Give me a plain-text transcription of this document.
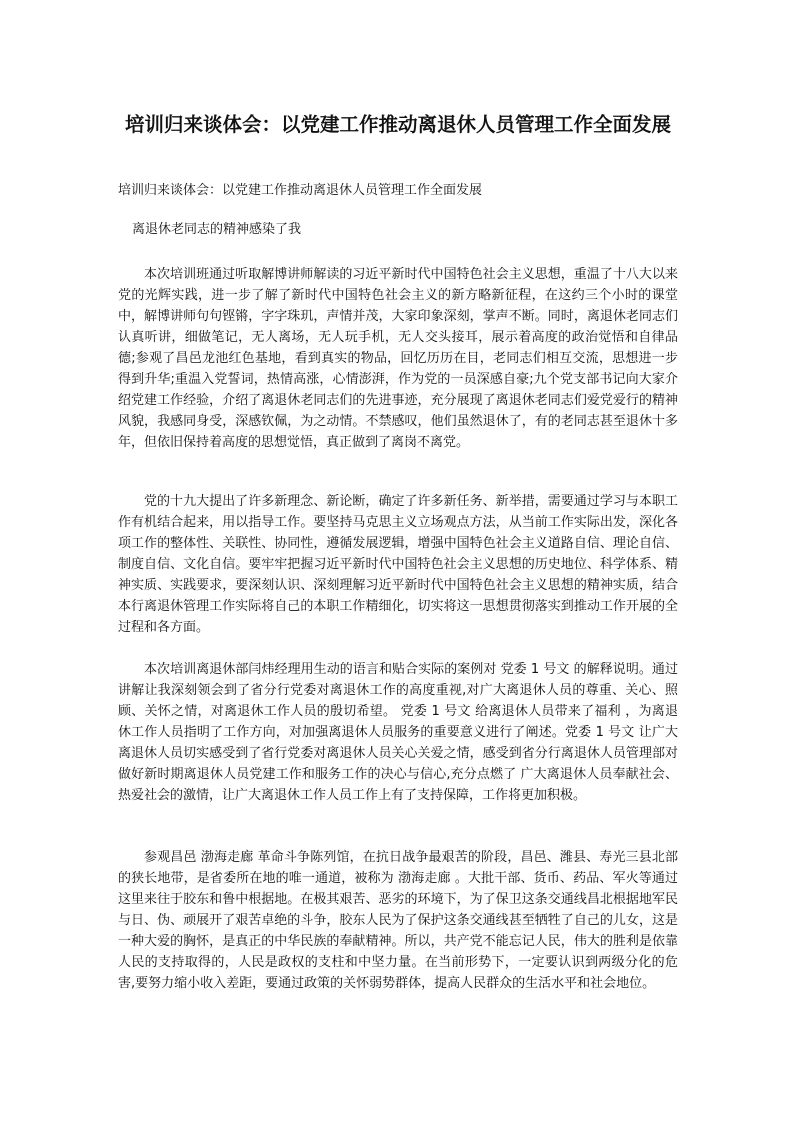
培训归来谈体会：以党建工作推动离退休人员管理工作全面发展

培训归来谈体会：以党建工作推动离退休人员管理工作全面发展

离退休老同志的精神感染了我

本次培训班通过听取解博讲师解读的习近平新时代中国特色社会主义思想，重温了十八大以来党的光辉实践，进一步了解了新时代中国特色社会主义的新方略新征程，在这约三个小时的课堂中，解博讲师句句铿锵，字字珠玑，声情并茂，大家印象深刻，掌声不断。同时，离退休老同志们认真听讲，细做笔记，无人离场，无人玩手机，无人交头接耳，展示着高度的政治觉悟和自律品德;参观了昌邑龙池红色基地，看到真实的物品，回忆历历在目，老同志们相互交流，思想进一步得到升华;重温入党誓词，热情高涨，心情澎湃，作为党的一员深感自豪;九个党支部书记向大家介绍党建工作经验，介绍了离退休老同志们的先进事迹，充分展现了离退休老同志们爱党爱行的精神风貌，我感同身受，深感钦佩，为之动情。不禁感叹，他们虽然退休了，有的老同志甚至退休十多年，但依旧保持着高度的思想觉悟，真正做到了离岗不离党。

党的十九大提出了许多新理念、新论断，确定了许多新任务、新举措，需要通过学习与本职工作有机结合起来，用以指导工作。要坚持马克思主义立场观点方法，从当前工作实际出发，深化各项工作的整体性、关联性、协同性，遵循发展逻辑，增强中国特色社会主义道路自信、理论自信、制度自信、文化自信。要牢牢把握习近平新时代中国特色社会主义思想的历史地位、科学体系、精神实质、实践要求，要深刻认识、深刻理解习近平新时代中国特色社会主义思想的精神实质，结合本行离退休管理工作实际将自己的本职工作精细化，切实将这一思想贯彻落实到推动工作开展的全过程和各方面。

本次培训离退休部闫炜经理用生动的语言和贴合实际的案例对 党委 1 号文 的解释说明。通过讲解让我深刻领会到了省分行党委对离退休工作的高度重视,对广大离退休人员的尊重、关心、照顾、关怀之情，对离退休工作人员的殷切希望。 党委 1 号文 给离退休人员带来了福利 ，为离退休工作人员指明了工作方向，对加强离退休人员服务的重要意义进行了阐述。党委 1 号文 让广大离退休人员切实感受到了省行党委对离退休人员关心关爱之情，感受到省分行离退休人员管理部对做好新时期离退休人员党建工作和服务工作的决心与信心,充分点燃了 广大离退休人员奉献社会、热爱社会的激情，让广大离退休工作人员工作上有了支持保障，工作将更加积极。

参观昌邑 渤海走廊 革命斗争陈列馆，在抗日战争最艰苦的阶段，昌邑、潍县、寿光三县北部的狭长地带，是省委所在地的唯一通道，被称为 渤海走廊 。大批干部、货币、药品、军火等通过这里来往于胶东和鲁中根据地。在极其艰苦、恶劣的环境下，为了保卫这条交通线昌北根据地军民与日、伪、顽展开了艰苦卓绝的斗争，胶东人民为了保护这条交通线甚至牺牲了自己的儿女，这是一种大爱的胸怀，是真正的中华民族的奉献精神。所以，共产党不能忘记人民，伟大的胜利是依靠人民的支持取得的，人民是政权的支柱和中坚力量。在当前形势下，一定要认识到两级分化的危害,要努力缩小收入差距，要通过政策的关怀弱势群体，提高人民群众的生活水平和社会地位。
